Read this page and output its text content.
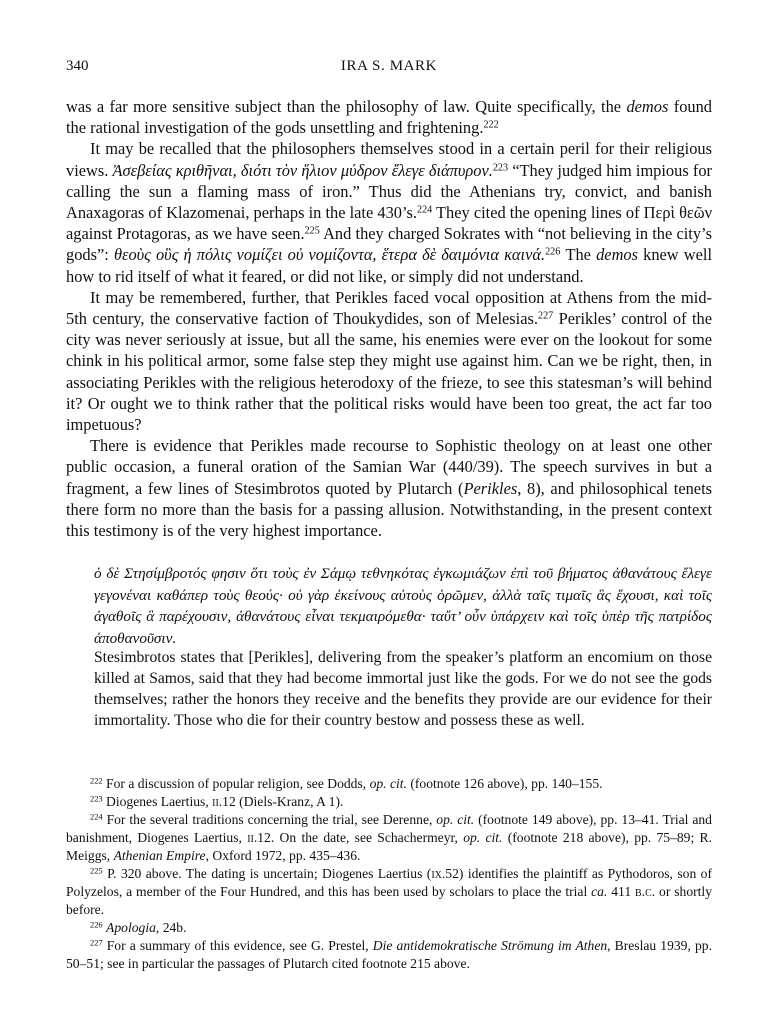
340	IRA S. MARK

was a far more sensitive subject than the philosophy of law. Quite specifically, the demos found the rational investigation of the gods unsettling and frightening.$^{222}$

It may be recalled that the philosophers themselves stood in a certain peril for their religious views. Ἀσεβείας κριθῆναι, διότι τὸν ἥλιον μύδρον ἔλεγε διάπυρον.$^{223}$ “They judged him impious for calling the sun a flaming mass of iron.” Thus did the Athenians try, convict, and banish Anaxagoras of Klazomenai, perhaps in the late 430’s.$^{224}$ They cited the opening lines of Περὶ θεῶν against Protagoras, as we have seen.$^{225}$ And they charged Sokrates with “not believing in the city’s gods”: θεοὺς οὓς ἡ πόλις νομίζει οὐ νομίζοντα, ἕτερα δὲ δαιμόνια καινά.$^{226}$ The demos knew well how to rid itself of what it feared, or did not like, or simply did not understand.

It may be remembered, further, that Perikles faced vocal opposition at Athens from the mid-5th century, the conservative faction of Thoukydides, son of Melesias.$^{227}$ Perikles’ control of the city was never seriously at issue, but all the same, his enemies were ever on the lookout for some chink in his political armor, some false step they might use against him. Can we be right, then, in associating Perikles with the religious heterodoxy of the frieze, to see this statesman’s will behind it? Or ought we to think rather that the political risks would have been too great, the act far too impetuous?

There is evidence that Perikles made recourse to Sophistic theology on at least one other public occasion, a funeral oration of the Samian War (440/39). The speech survives in but a fragment, a few lines of Stesimbrotos quoted by Plutarch (Perikles, 8), and philosophical tenets there form no more than the basis for a passing allusion. Notwithstanding, in the present context this testimony is of the very highest importance.

ὁ δὲ Στησίμβροτός φησιν ὅτι τοὺς ἐν Σάμῳ τεθνηκότας ἐγκωμιάζων ἐπὶ τοῦ βήματος ἀθανάτους ἔλεγε γεγονέναι καθάπερ τοὺς θεούς· οὐ γὰρ ἐκείνους αὐτοὺς ὁρῶμεν, ἀλλὰ ταῖς τιμαῖς ἃς ἔχουσι, καὶ τοῖς ἀγαθοῖς ἃ παρέχουσιν, ἀθανάτους εἶναι τεκμαιρόμεθα· ταὔτ’ οὖν ὑπάρχειν καὶ τοῖς ὑπὲρ τῆς πατρίδος ἀποθανοῦσιν.
Stesimbrotos states that [Perikles], delivering from the speaker’s platform an encomium on those killed at Samos, said that they had become immortal just like the gods. For we do not see the gods themselves; rather the honors they receive and the benefits they provide are our evidence for their immortality. Those who die for their country bestow and possess these as well.

$^{222}$ For a discussion of popular religion, see Dodds, op. cit. (footnote 126 above), pp. 140–155.

$^{223}$ Diogenes Laertius, ii.12 (Diels-Kranz, A 1).

$^{224}$ For the several traditions concerning the trial, see Derenne, op. cit. (footnote 149 above), pp. 13–41. Trial and banishment, Diogenes Laertius, ii.12. On the date, see Schachermeyr, op. cit. (footnote 218 above), pp. 75–89; R. Meiggs, Athenian Empire, Oxford 1972, pp. 435–436.

$^{225}$ P. 320 above. The dating is uncertain; Diogenes Laertius (ix.52) identifies the plaintiff as Pythodoros, son of Polyzelos, a member of the Four Hundred, and this has been used by scholars to place the trial ca. 411 b.c. or shortly before.

$^{226}$ Apologia, 24b.

$^{227}$ For a summary of this evidence, see G. Prestel, Die antidemokratische Strömung im Athen, Breslau 1939, pp. 50–51; see in particular the passages of Plutarch cited footnote 215 above.
